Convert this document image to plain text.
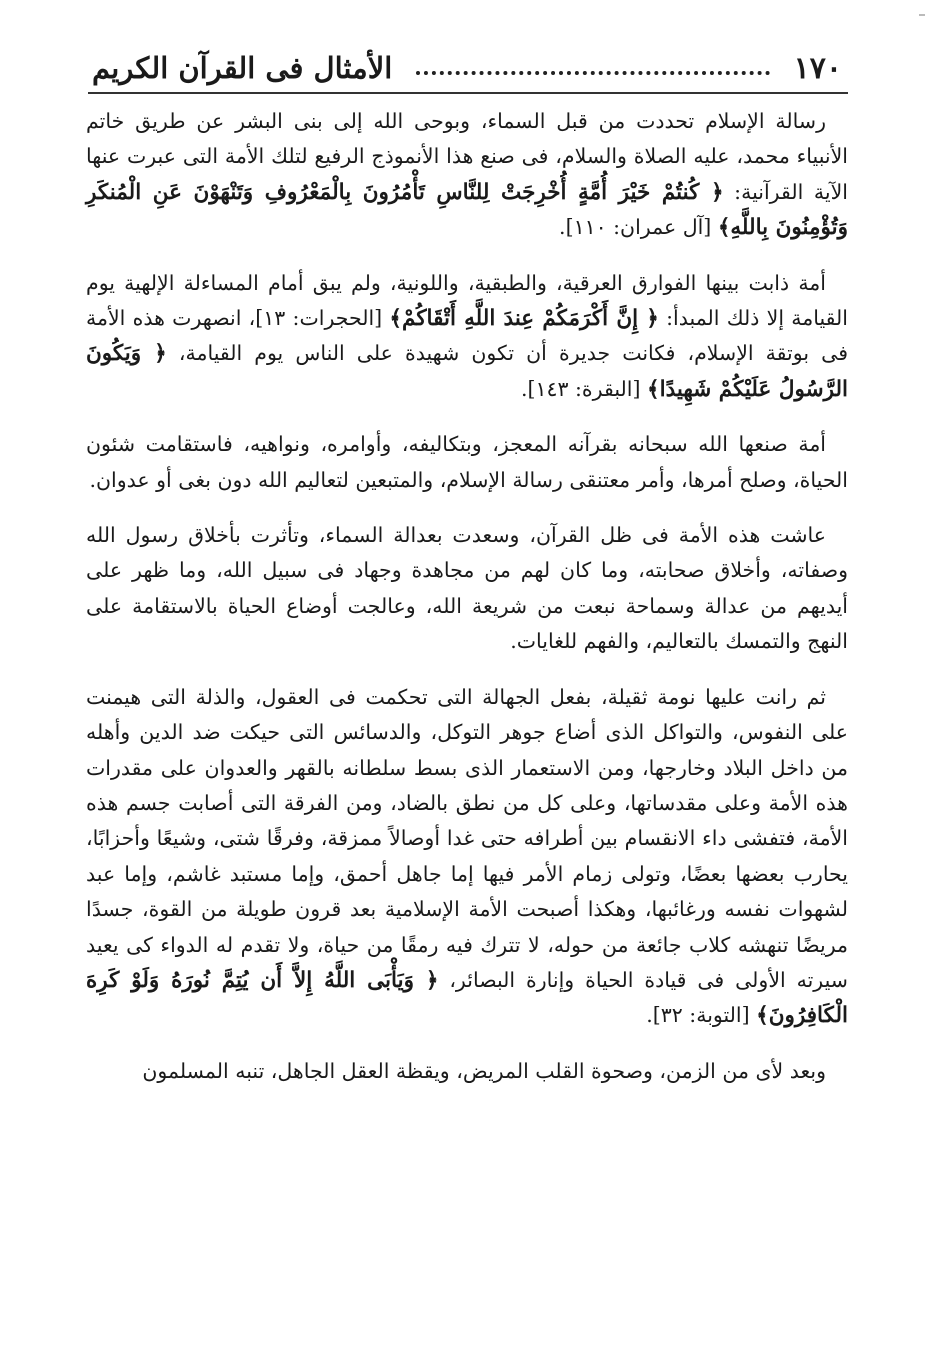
١٧٠
الأمثال فى القرآن الكريم

رسالة الإسلام تحددت من قبل السماء، وبوحى الله إلى بنى البشر عن طريق خاتم الأنبياء محمد، عليه الصلاة والسلام، فى صنع هذا الأنموذج الرفيع لتلك الأمة التى عبرت عنها الآية القرآنية: ﴿ كُنتُمْ خَيْرَ أُمَّةٍ أُخْرِجَتْ لِلنَّاسِ تَأْمُرُونَ بِالْمَعْرُوفِ وَتَنْهَوْنَ عَنِ الْمُنكَرِ وَتُؤْمِنُونَ بِاللَّهِ﴾ [آل عمران: ١١٠].

أمة ذابت بينها الفوارق العرقية، والطبقية، واللونية، ولم يبق أمام المساءلة الإلهية يوم القيامة إلا ذلك المبدأ: ﴿ إِنَّ أَكْرَمَكُمْ عِندَ اللَّهِ أَتْقَاكُمْ﴾ [الحجرات: ١٣]، انصهرت هذه الأمة فى بوتقة الإسلام، فكانت جديرة أن تكون شهيدة على الناس يوم القيامة، ﴿ وَيَكُونَ الرَّسُولُ عَلَيْكُمْ شَهِيدًا﴾ [البقرة: ١٤٣].

أمة صنعها الله سبحانه بقرآنه المعجز، وبتكاليفه، وأوامره، ونواهيه، فاستقامت شئون الحياة، وصلح أمرها، وأمر معتنقى رسالة الإسلام، والمتبعين لتعاليم الله دون بغى أو عدوان.

عاشت هذه الأمة فى ظل القرآن، وسعدت بعدالة السماء، وتأثرت بأخلاق رسول الله وصفاته، وأخلاق صحابته، وما كان لهم من مجاهدة وجهاد فى سبيل الله، وما ظهر على أيديهم من عدالة وسماحة نبعت من شريعة الله، وعالجت أوضاع الحياة بالاستقامة على النهج والتمسك بالتعاليم، والفهم للغايات.

ثم رانت عليها نومة ثقيلة، بفعل الجهالة التى تحكمت فى العقول، والذلة التى هيمنت على النفوس، والتواكل الذى أضاع جوهر التوكل، والدسائس التى حيكت ضد الدين وأهله من داخل البلاد وخارجها، ومن الاستعمار الذى بسط سلطانه بالقهر والعدوان على مقدرات هذه الأمة وعلى مقدساتها، وعلى كل من نطق بالضاد، ومن الفرقة التى أصابت جسم هذه الأمة، فتفشى داء الانقسام بين أطرافه حتى غدا أوصالاً ممزقة، وفرقًا شتى، وشيعًا وأحزابًا، يحارب بعضها بعضًا، وتولى زمام الأمر فيها إما جاهل أحمق، وإما مستبد غاشم، وإما عبد لشهوات نفسه ورغائبها، وهكذا أصبحت الأمة الإسلامية بعد قرون طويلة من القوة، جسدًا مريضًا تنهشه كلاب جائعة من حوله، لا تترك فيه رمقًا من حياة، ولا تقدم له الدواء كى يعيد سيرته الأولى فى قيادة الحياة وإنارة البصائر، ﴿ وَيَأْبَى اللَّهُ إِلاَّ أَن يُتِمَّ نُورَهُ وَلَوْ كَرِهَ الْكَافِرُونَ﴾ [التوبة: ٣٢].

وبعد لأى من الزمن، وصحوة القلب المريض، ويقظة العقل الجاهل، تنبه المسلمون
